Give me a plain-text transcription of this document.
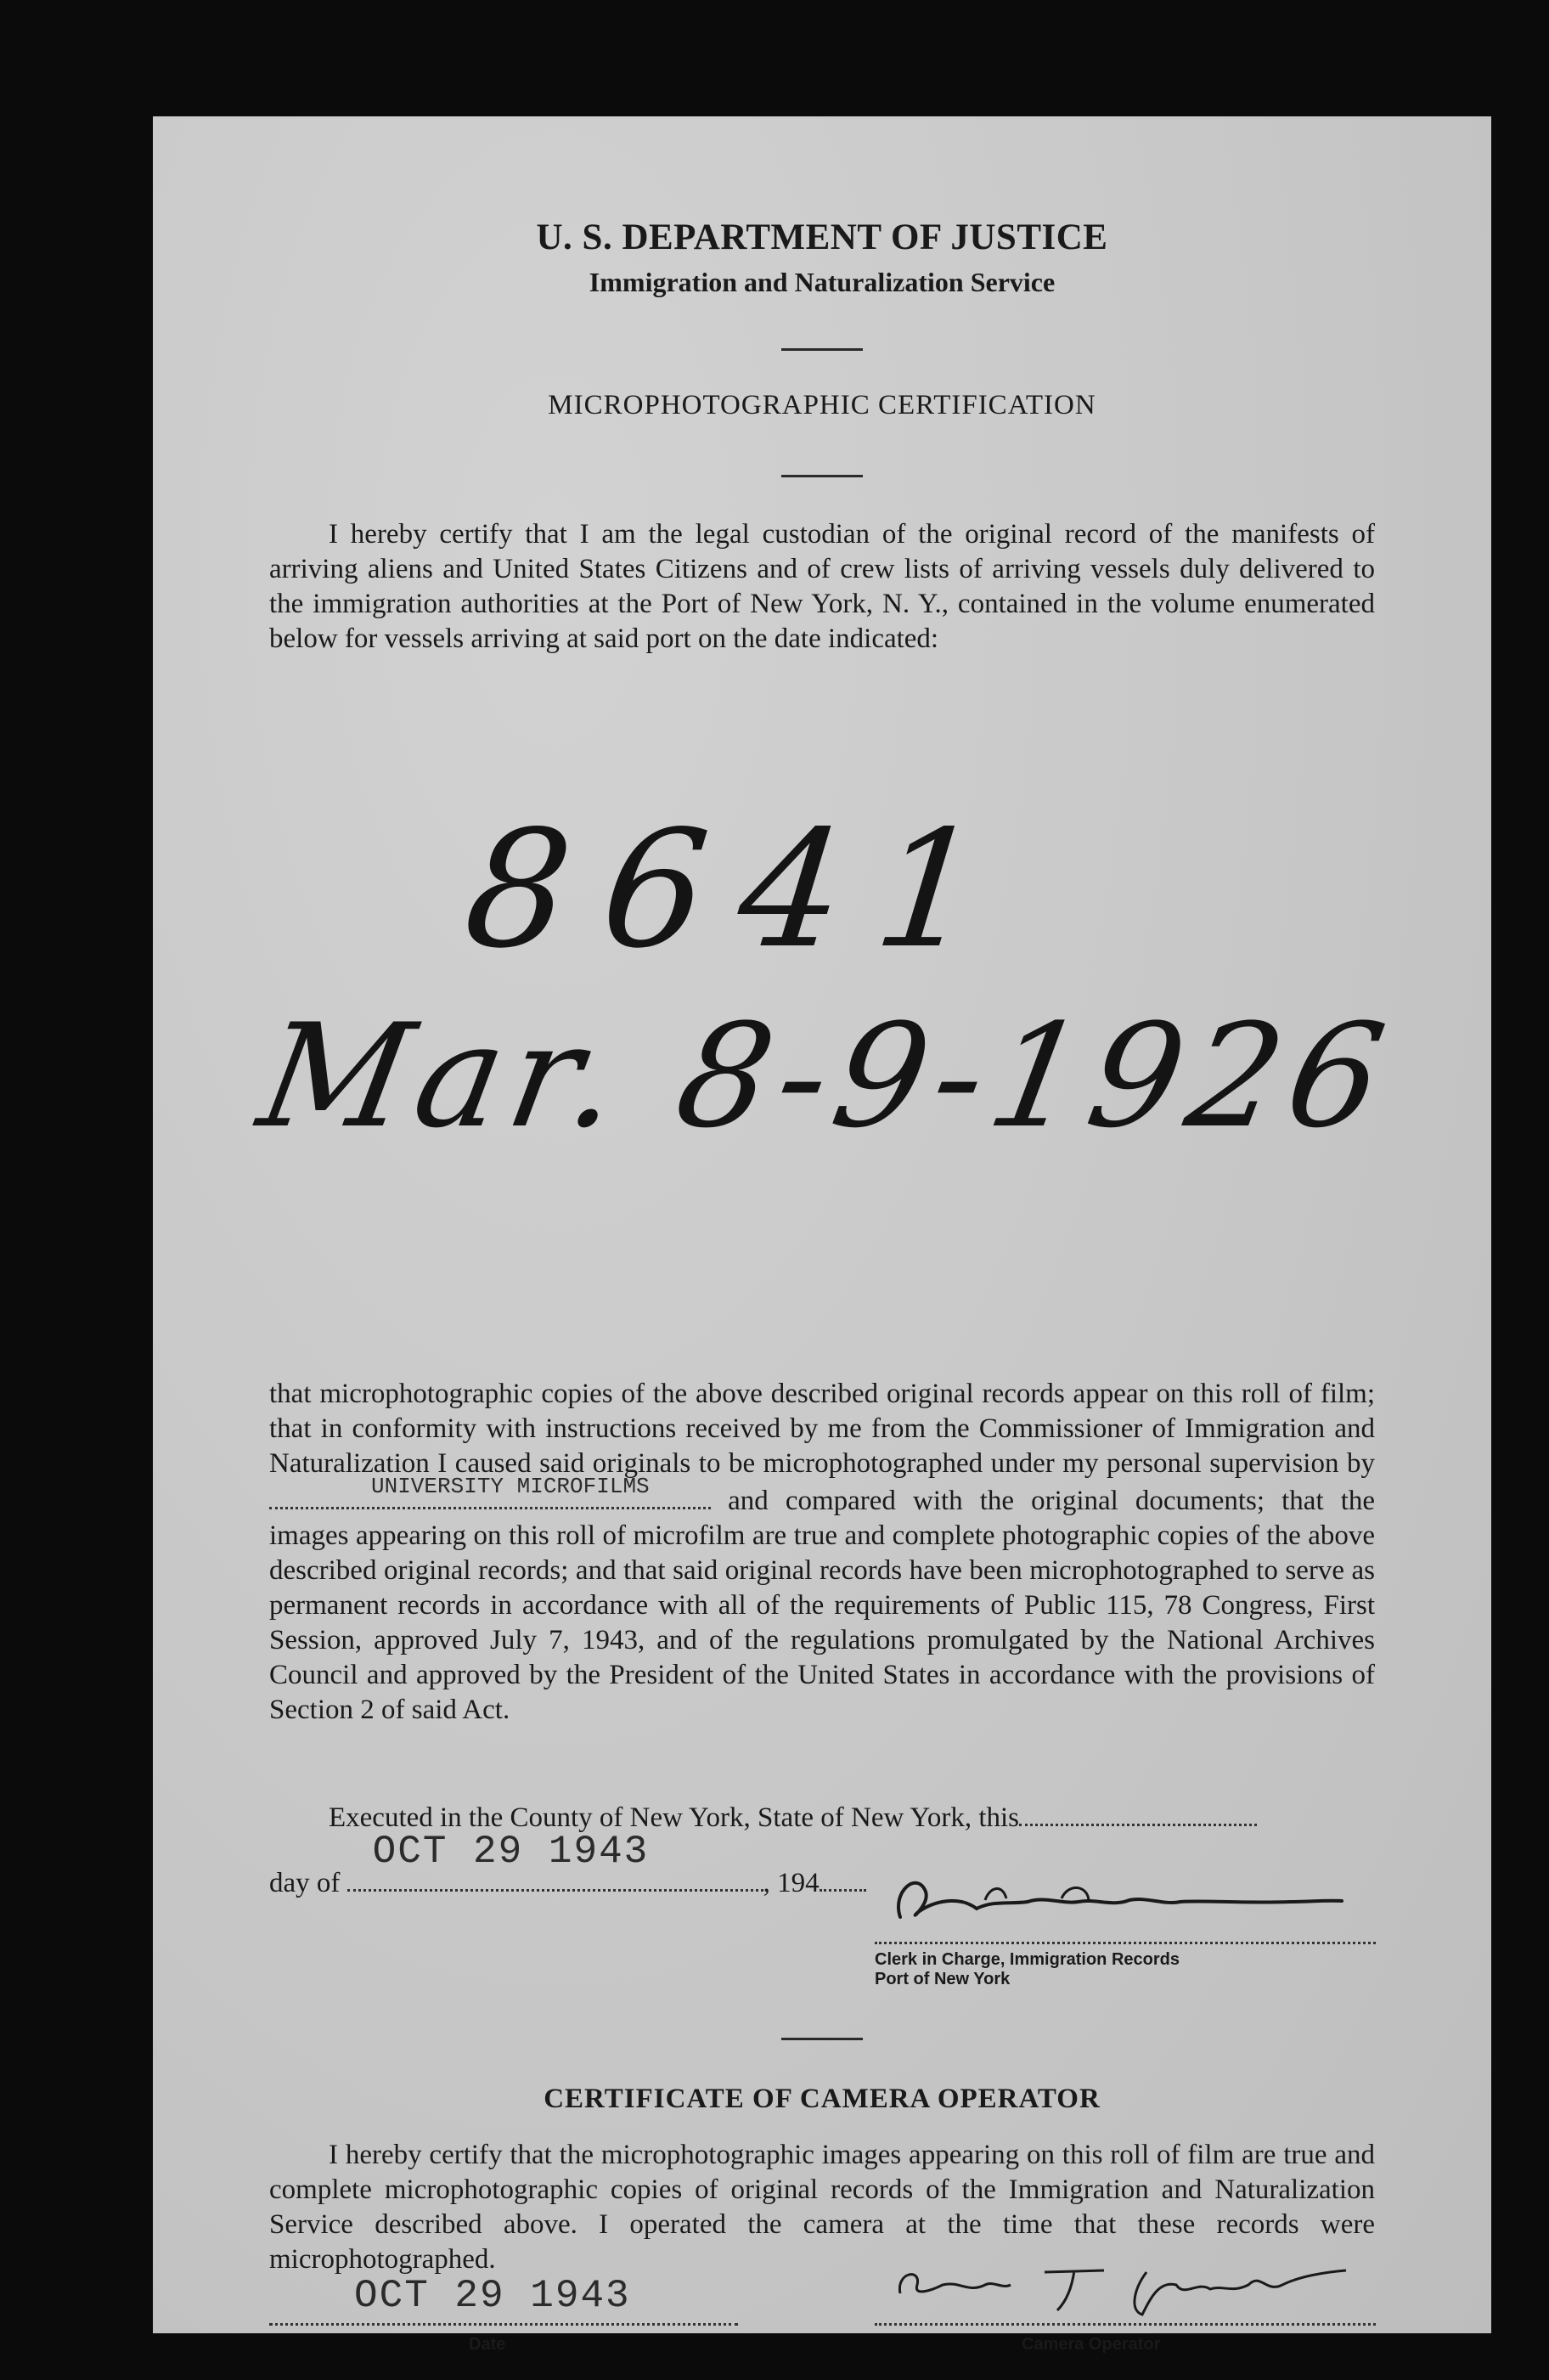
U. S. DEPARTMENT OF JUSTICE
Immigration and Naturalization Service
MICROPHOTOGRAPHIC CERTIFICATION
I hereby certify that I am the legal custodian of the original record of the manifests of arriving aliens and United States Citizens and of crew lists of arriving vessels duly delivered to the immigration authorities at the Port of New York, N. Y., contained in the volume enumerated below for vessels arriving at said port on the date indicated:
8641
Mar. 8-9-1926
that microphotographic copies of the above described original records appear on this roll of film; that in conformity with instructions received by me from the Commissioner of Immigration and Naturalization I caused said originals to be microphotographed under my personal supervision by
UNIVERSITY MICROFILMS	and compared with the original documents; that the images appearing on this roll of microfilm are true and complete photographic copies of the above described original records; and that said original records have been microphotographed to serve as permanent records in accordance with all of the requirements of Public 115, 78 Congress, First Session, approved July 7, 1943, and of the regulations promulgated by the National Archives Council and approved by the President of the United States in accordance with the provisions of Section 2 of said Act.
Executed in the County of New York, State of New York, this
day of
OCT 29 1943
, 194
Clerk in Charge, Immigration Records
Port of New York
CERTIFICATE OF CAMERA OPERATOR
I hereby certify that the microphotographic images appearing on this roll of film are true and complete microphotographic copies of original records of the Immigration and Naturalization Service described above. I operated the camera at the time that these records were microphotographed.
OCT 29 1943
Date	Camera Operator
